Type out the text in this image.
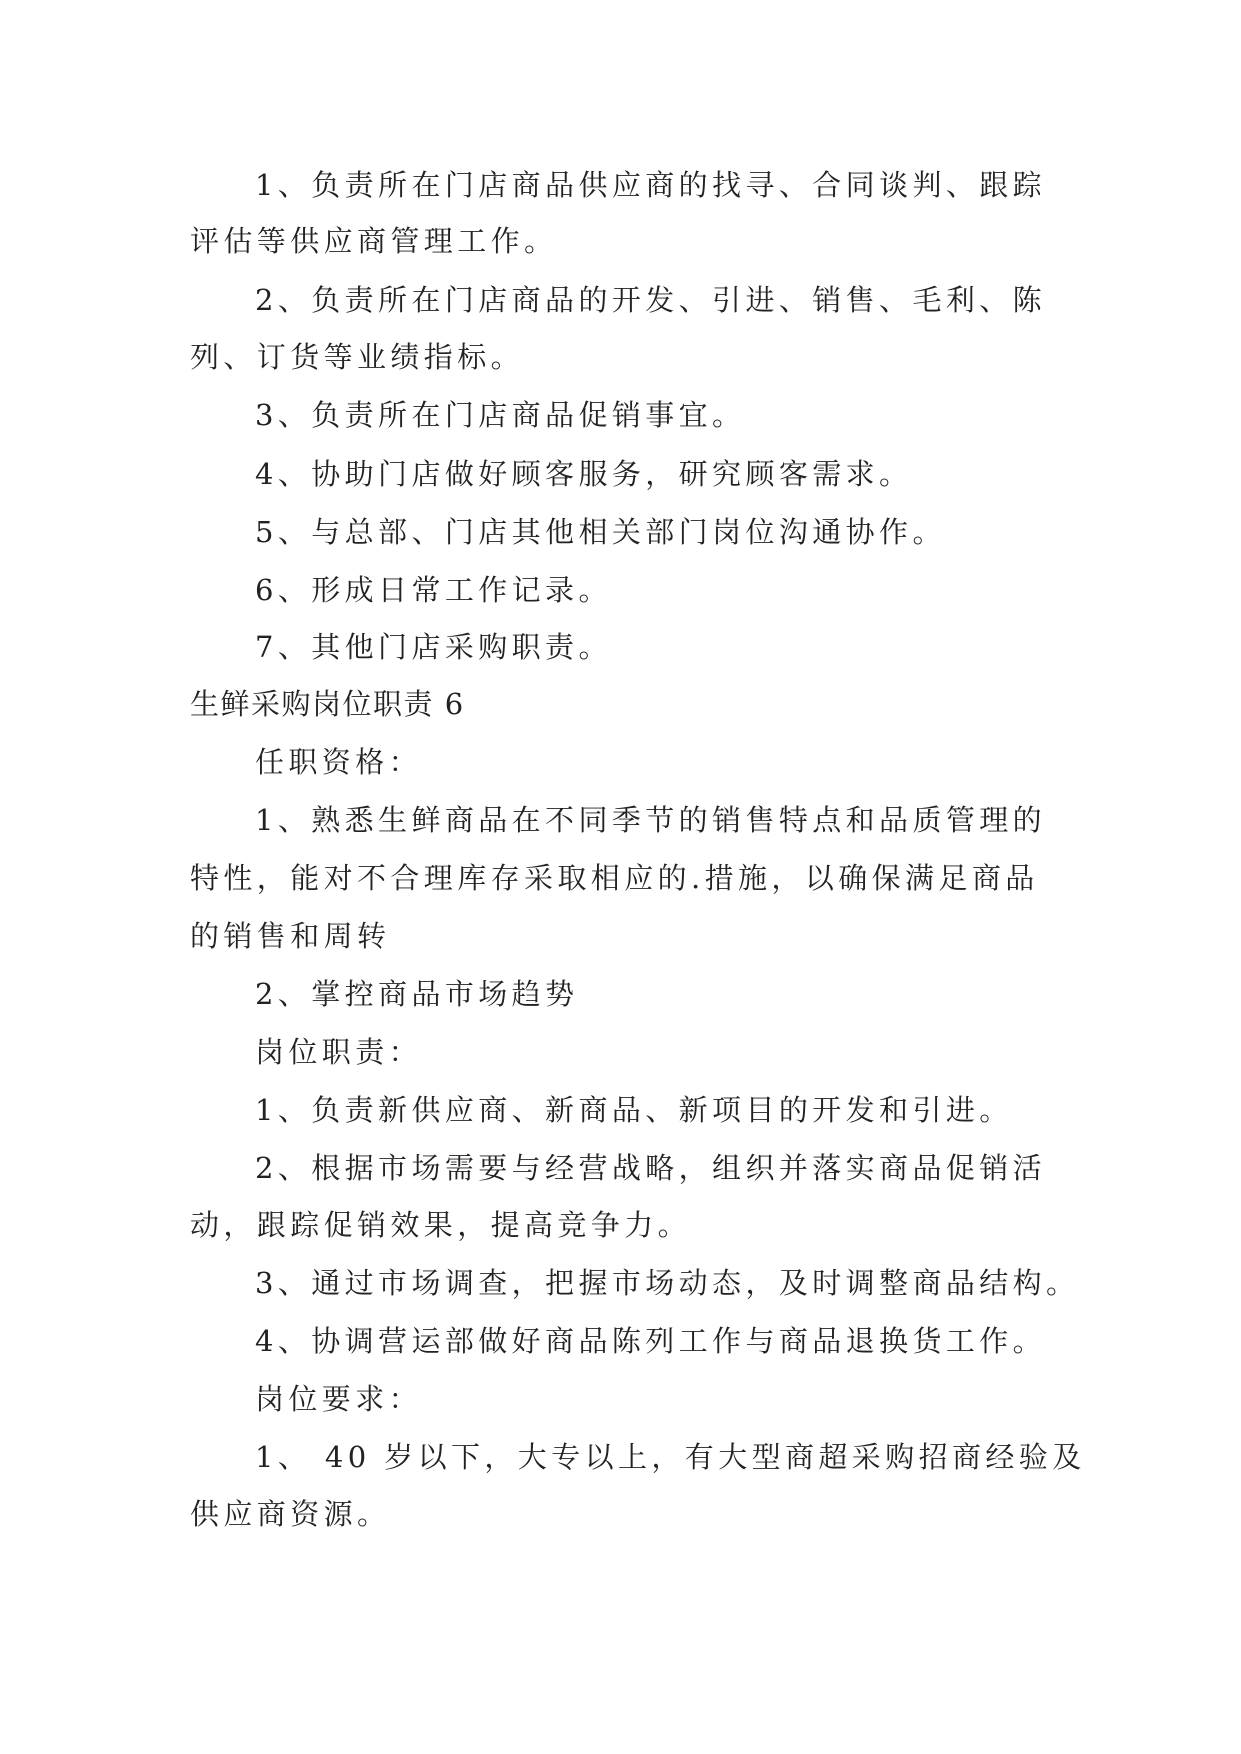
1、负责所在门店商品供应商的找寻、合同谈判、跟踪

评估等供应商管理工作。

2、负责所在门店商品的开发、引进、销售、毛利、陈

列、订货等业绩指标。

3、负责所在门店商品促销事宜。

4、协助门店做好顾客服务，研究顾客需求。

5、与总部、门店其他相关部门岗位沟通协作。

6、形成日常工作记录。

7、其他门店采购职责。

生鲜采购岗位职责 6

任职资格：

1、熟悉生鲜商品在不同季节的销售特点和品质管理的

特性，能对不合理库存采取相应的.措施，以确保满足商品

的销售和周转

2、掌控商品市场趋势

岗位职责：

1、负责新供应商、新商品、新项目的开发和引进。

2、根据市场需要与经营战略，组织并落实商品促销活

动，跟踪促销效果，提高竞争力。

3、通过市场调查，把握市场动态，及时调整商品结构。

4、协调营运部做好商品陈列工作与商品退换货工作。

岗位要求：

1、 40 岁以下，大专以上，有大型商超采购招商经验及

供应商资源。
